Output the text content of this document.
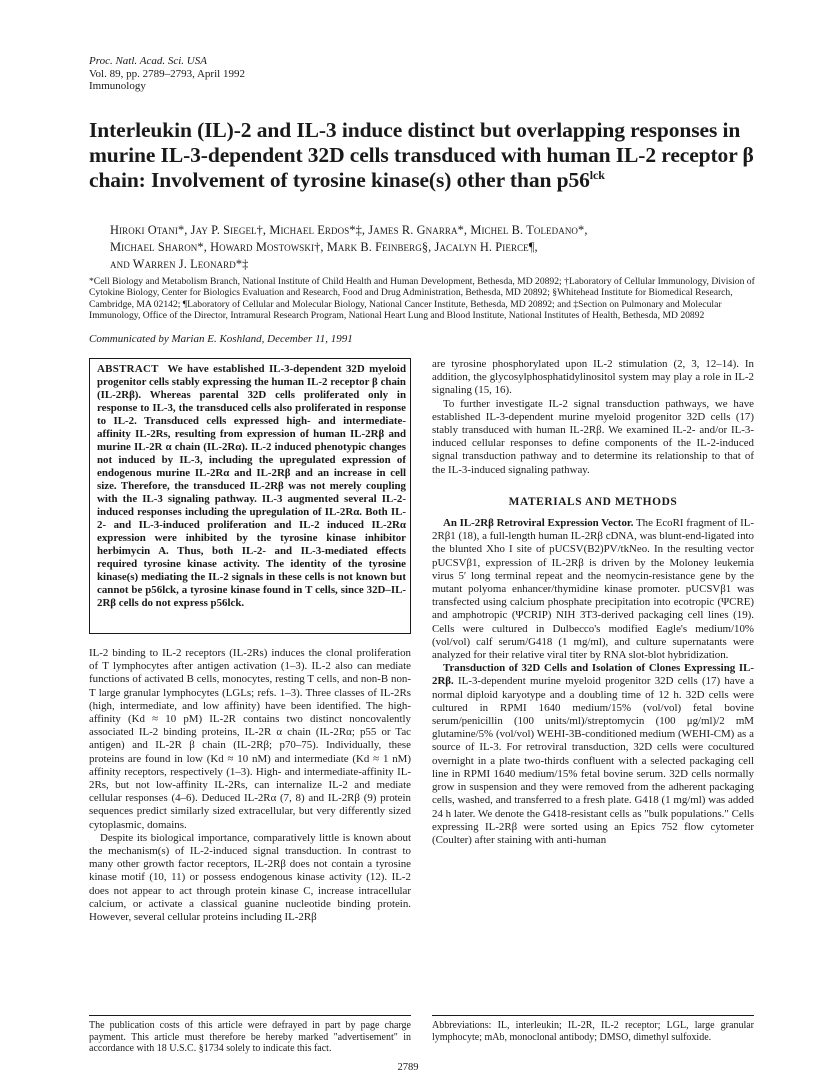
Proc. Natl. Acad. Sci. USA
Vol. 89, pp. 2789–2793, April 1992
Immunology
Interleukin (IL)-2 and IL-3 induce distinct but overlapping responses in murine IL-3-dependent 32D cells transduced with human IL-2 receptor β chain: Involvement of tyrosine kinase(s) other than $p56^{lck}$
Hiroki Otani*, Jay P. Siegel†, Michael Erdos*‡, James R. Gnarra*, Michel B. Toledano*,
Michael Sharon*, Howard Mostowski†, Mark B. Feinberg§, Jacalyn H. Pierce¶,
and Warren J. Leonard*‡
*Cell Biology and Metabolism Branch, National Institute of Child Health and Human Development, Bethesda, MD 20892; †Laboratory of Cellular Immunology, Division of Cytokine Biology, Center for Biologics Evaluation and Research, Food and Drug Administration, Bethesda, MD 20892; §Whitehead Institute for Biomedical Research, Cambridge, MA 02142; ¶Laboratory of Cellular and Molecular Biology, National Cancer Institute, Bethesda, MD 20892; and ‡Section on Pulmonary and Molecular Immunology, Office of the Director, Intramural Research Program, National Heart Lung and Blood Institute, National Institutes of Health, Bethesda, MD 20892
Communicated by Marian E. Koshland, December 11, 1991
ABSTRACT We have established IL-3-dependent 32D myeloid progenitor cells stably expressing the human IL-2 receptor β chain (IL-2Rβ). Whereas parental 32D cells proliferated only in response to IL-3, the transduced cells also proliferated in response to IL-2. Transduced cells expressed high- and intermediate-affinity IL-2Rs, resulting from expression of human IL-2Rβ and murine IL-2R α chain (IL-2Rα). IL-2 induced phenotypic changes not induced by IL-3, including the upregulated expression of endogenous murine IL-2Rα and IL-2Rβ and an increase in cell size. Therefore, the transduced IL-2Rβ was not merely coupling with the IL-3 signaling pathway. IL-3 augmented several IL-2-induced responses including the upregulation of IL-2Rα. Both IL-2- and IL-3-induced proliferation and IL-2 induced IL-2Rα expression were inhibited by the tyrosine kinase inhibitor herbimycin A. Thus, both IL-2- and IL-3-mediated effects required tyrosine kinase activity. The identity of the tyrosine kinase(s) mediating the IL-2 signals in these cells is not known but cannot be p56lck, a tyrosine kinase found in T cells, since 32D–IL-2Rβ cells do not express p56lck.

IL-2 binding to IL-2 receptors (IL-2Rs) induces the clonal proliferation of T lymphocytes after antigen activation (1–3). IL-2 also can mediate functions of activated B cells, monocytes, resting T cells, and non-B non-T large granular lymphocytes (LGLs; refs. 1–3). Three classes of IL-2Rs (high, intermediate, and low affinity) have been identified. The high-affinity (Kd ≈ 10 pM) IL-2R contains two distinct noncovalently associated IL-2 binding proteins, IL-2R α chain (IL-2Rα; p55 or Tac antigen) and IL-2R β chain (IL-2Rβ; p70–75). Individually, these proteins are found in low (Kd ≈ 10 nM) and intermediate (Kd ≈ 1 nM) affinity receptors, respectively (1–3). High- and intermediate-affinity IL-2Rs, but not low-affinity IL-2Rs, can internalize IL-2 and mediate cellular responses (4–6). Deduced IL-2Rα (7, 8) and IL-2Rβ (9) protein sequences predict similarly sized extracellular, but very differently sized cytoplasmic, domains.

Despite its biological importance, comparatively little is known about the mechanism(s) of IL-2-induced signal transduction. In contrast to many other growth factor receptors, IL-2Rβ does not contain a tyrosine kinase motif (10, 11) or possess endogenous kinase activity (12). IL-2 does not appear to act through protein kinase C, increase intracellular calcium, or activate a classical guanine nucleotide binding protein. However, several cellular proteins including IL-2Rβ

are tyrosine phosphorylated upon IL-2 stimulation (2, 3, 12–14). In addition, the glycosylphosphatidylinositol system may play a role in IL-2 signaling (15, 16).

To further investigate IL-2 signal transduction pathways, we have established IL-3-dependent murine myeloid progenitor 32D cells (17) stably transduced with human IL-2Rβ. We examined IL-2- and/or IL-3-induced cellular responses to define components of the IL-2-induced signal transduction pathway and to determine its relationship to that of the IL-3-induced signaling pathway.

MATERIALS AND METHODS

An IL-2Rβ Retroviral Expression Vector. The EcoRI fragment of IL-2Rβ1 (18), a full-length human IL-2Rβ cDNA, was blunt-end-ligated into the blunted Xho I site of pUCSV(B2)PV/tkNeo. In the resulting vector pUCSVβ1, expression of IL-2Rβ is driven by the Moloney leukemia virus 5′ long terminal repeat and the neomycin-resistance gene by the mutant polyoma enhancer/thymidine kinase promoter. pUCSVβ1 was transfected using calcium phosphate precipitation into ecotropic (ΨCRE) and amphotropic (ΨCRIP) NIH 3T3-derived packaging cell lines (19). Cells were cultured in Dulbecco's modified Eagle's medium/10% (vol/vol) calf serum/G418 (1 mg/ml), and culture supernatants were analyzed for their relative viral titer by RNA slot-blot hybridization.

Transduction of 32D Cells and Isolation of Clones Expressing IL-2Rβ. IL-3-dependent murine myeloid progenitor 32D cells (17) have a normal diploid karyotype and a doubling time of 12 h. 32D cells were cultured in RPMI 1640 medium/15% (vol/vol) fetal bovine serum/penicillin (100 units/ml)/streptomycin (100 μg/ml)/2 mM glutamine/5% (vol/vol) WEHI-3B-conditioned medium (WEHI-CM) as a source of IL-3. For retroviral transduction, 32D cells were cocultured overnight in a plate two-thirds confluent with a selected packaging cell line in RPMI 1640 medium/15% fetal bovine serum. 32D cells normally grow in suspension and they were removed from the adherent packaging cells, washed, and transferred to a fresh plate. G418 (1 mg/ml) was added 24 h later. We denote the G418-resistant cells as "bulk populations." Cells expressing IL-2Rβ were sorted using an Epics 752 flow cytometer (Coulter) after staining with anti-human

The publication costs of this article were defrayed in part by page charge payment. This article must therefore be hereby marked "advertisement" in accordance with 18 U.S.C. §1734 solely to indicate this fact.
Abbreviations: IL, interleukin; IL-2R, IL-2 receptor; LGL, large granular lymphocyte; mAb, monoclonal antibody; DMSO, dimethyl sulfoxide.
2789
